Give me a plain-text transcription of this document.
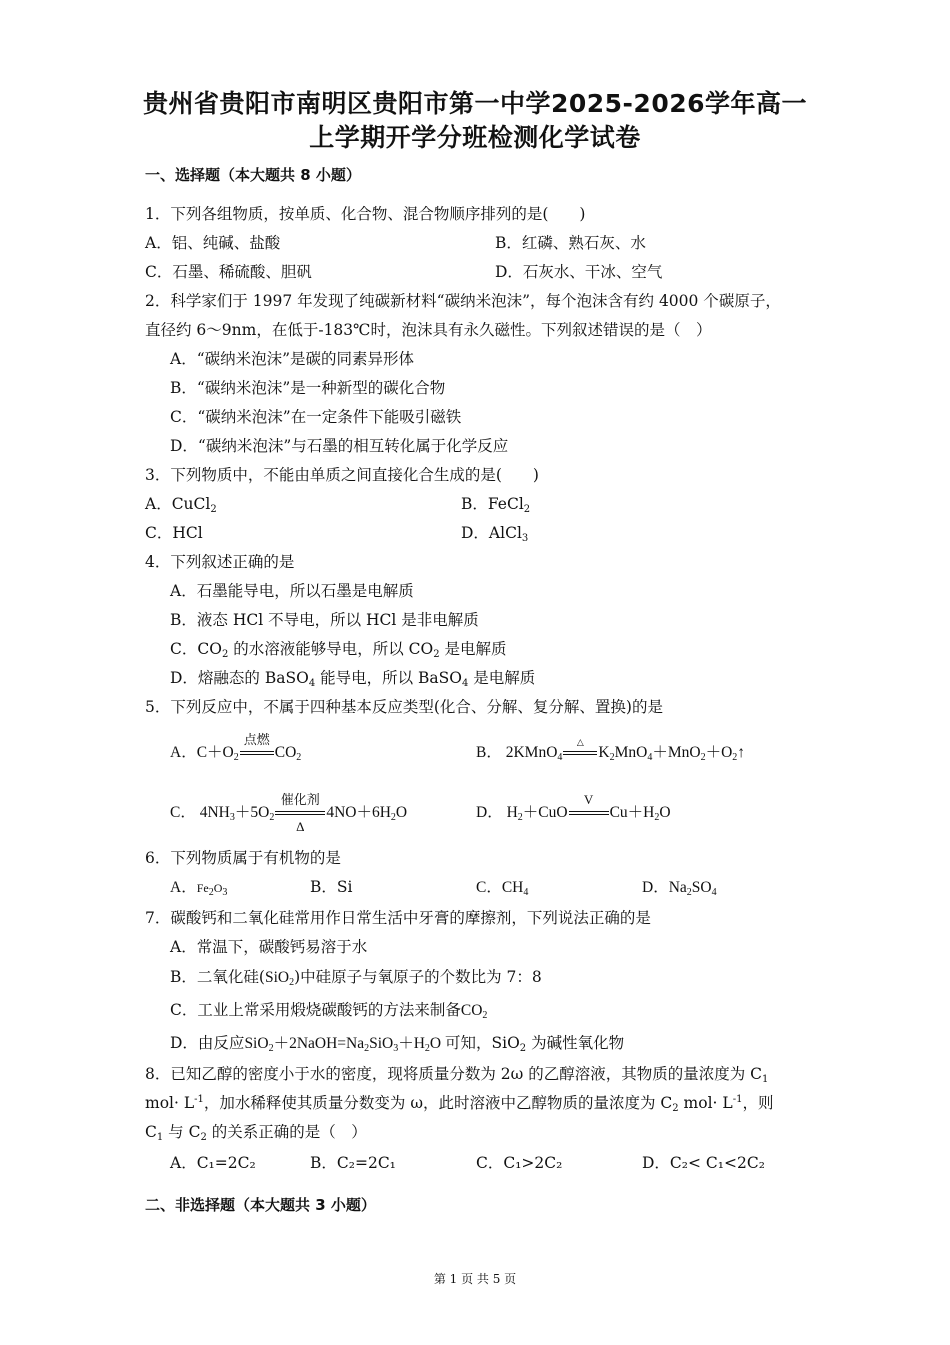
贵州省贵阳市南明区贵阳市第一中学2025-2026学年高一
上学期开学分班检测化学试卷
一、选择题（本大题共 8 小题）
1．下列各组物质，按单质、化合物、混合物顺序排列的是(　　)
A．铝、纯碱、盐酸	B．红磷、熟石灰、水
C．石墨、稀硫酸、胆矾	D．石灰水、干冰、空气
2．科学家们于 1997 年发现了纯碳新材料“碳纳米泡沫”，每个泡沫含有约 4000 个碳原子，
直径约 6～9nm，在低于-183℃时，泡沫具有永久磁性。下列叙述错误的是（　）
A．“碳纳米泡沫”是碳的同素异形体
B．“碳纳米泡沫”是一种新型的碳化合物
C．“碳纳米泡沫”在一定条件下能吸引磁铁
D．“碳纳米泡沫”与石墨的相互转化属于化学反应
3．下列物质中，不能由单质之间直接化合生成的是(　　)
A．CuCl$_2$	B．FeCl$_2$
C．HCl	D．AlCl$_3$
4．下列叙述正确的是
A．石墨能导电，所以石墨是电解质
B．液态 HCl 不导电，所以 HCl 是非电解质
C．$CO_2$ 的水溶液能够导电，所以 $CO_2$ 是电解质
D．熔融态的 BaSO$_4$ 能导电，所以 BaSO$_4$ 是电解质
5．下列反应中，不属于四种基本反应类型(化合、分解、复分解、置换)的是
A．$C+O_2$
点燃
$CO_2$	B． 2KMnO$_4$
△
$K_2MnO_4+MnO_2+O_2↑$
C． $4NH_3+5O_2$
催化剂
Δ
$4NO+6H_2O$	D． $H_2+CuO$
V
$Cu+H_2O$
6．下列物质属于有机物的是
A．$Fe_2O_3$	B．Si	C．$CH_4$	D．$Na_2SO_4$
7．碳酸钙和二氧化硅常用作日常生活中牙膏的摩擦剂，下列说法正确的是
A．常温下，碳酸钙易溶于水
B．二氧化硅(SiO$_2$)中硅原子与氧原子的个数比为 7：8
C．工业上常采用煅烧碳酸钙的方法来制备$CO_2$
D．由反应$SiO_2+2NaOH=Na_2SiO_3+H_2O$ 可知，SiO$_2$ 为碱性氧化物
8．已知乙醇的密度小于水的密度，现将质量分数为 2ω 的乙醇溶液，其物质的量浓度为 $C_1$
$mol\cdot L^{-1}$，加水稀释使其质量分数变为 ω，此时溶液中乙醇物质的量浓度为 $C_2$ $mol\cdot L^{-1}$，则
$C_1$ 与 $C_2$ 的关系正确的是（　）
A．C₁=2C₂	B．C₂=2C₁	C．C₁>2C₂	D．C₂< C₁<2C₂
二、非选择题（本大题共 3 小题）
第 1 页 共 5 页
